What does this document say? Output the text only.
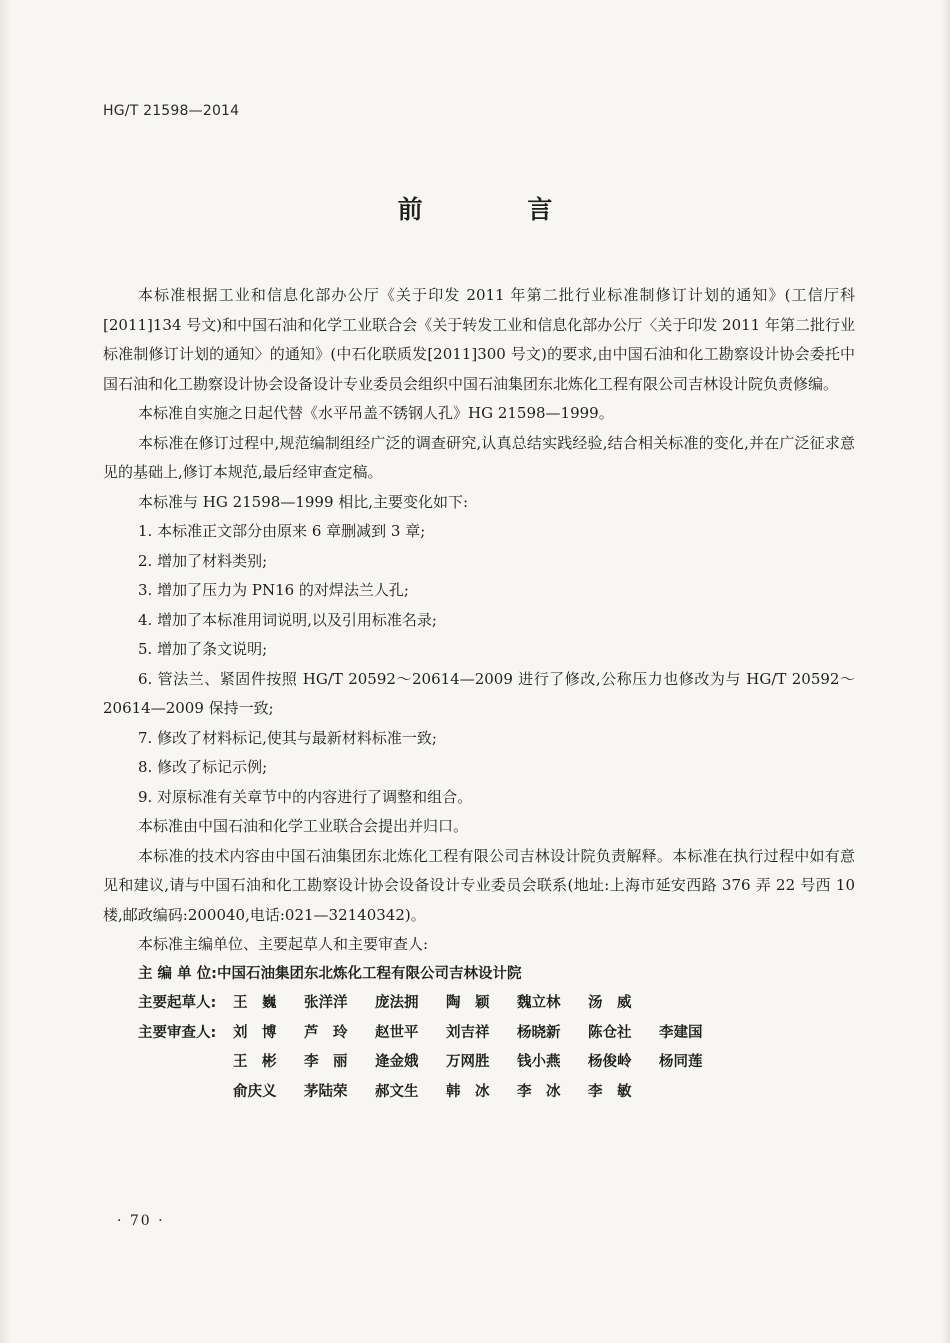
HG/T 21598—2014
前 言

本标准根据工业和信息化部办公厅《关于印发 2011 年第二批行业标准制修订计划的通知》(工信厅科[2011]134 号文)和中国石油和化学工业联合会《关于转发工业和信息化部办公厅〈关于印发 2011 年第二批行业标准制修订计划的通知〉的通知》(中石化联质发[2011]300 号文)的要求,由中国石油和化工勘察设计协会委托中国石油和化工勘察设计协会设备设计专业委员会组织中国石油集团东北炼化工程有限公司吉林设计院负责修编。

本标准自实施之日起代替《水平吊盖不锈钢人孔》HG 21598—1999。

本标准在修订过程中,规范编制组经广泛的调查研究,认真总结实践经验,结合相关标准的变化,并在广泛征求意见的基础上,修订本规范,最后经审查定稿。

本标准与 HG 21598—1999 相比,主要变化如下:

1. 本标准正文部分由原来 6 章删减到 3 章;

2. 增加了材料类别;

3. 增加了压力为 PN16 的对焊法兰人孔;

4. 增加了本标准用词说明,以及引用标准名录;

5. 增加了条文说明;

6. 管法兰、紧固件按照 HG/T 20592～20614—2009 进行了修改,公称压力也修改为与 HG/T 20592～20614—2009 保持一致;

7. 修改了材料标记,使其与最新材料标准一致;

8. 修改了标记示例;

9. 对原标准有关章节中的内容进行了调整和组合。

本标准由中国石油和化学工业联合会提出并归口。

本标准的技术内容由中国石油集团东北炼化工程有限公司吉林设计院负责解释。本标准在执行过程中如有意见和建议,请与中国石油和化工勘察设计协会设备设计专业委员会联系(地址:上海市延安西路 376 弄 22 号西 10 楼,邮政编码:200040,电话:021—32140342)。

本标准主编单位、主要起草人和主要审查人:

主 编 单 位: 中国石油集团东北炼化工程有限公司吉林设计院
主要起草人:	王　巍	张洋洋	庞法拥	陶　颖	魏立林	汤　威
主要审查人:	刘　博	芦　玲	赵世平	刘吉祥	杨晓新	陈仓社	李建国
王　彬	李　丽	逄金娥	万网胜	钱小燕	杨俊岭	杨同莲
俞庆义	茅陆荣	郝文生	韩　冰	李　冰	李　敏
· 70 ·
